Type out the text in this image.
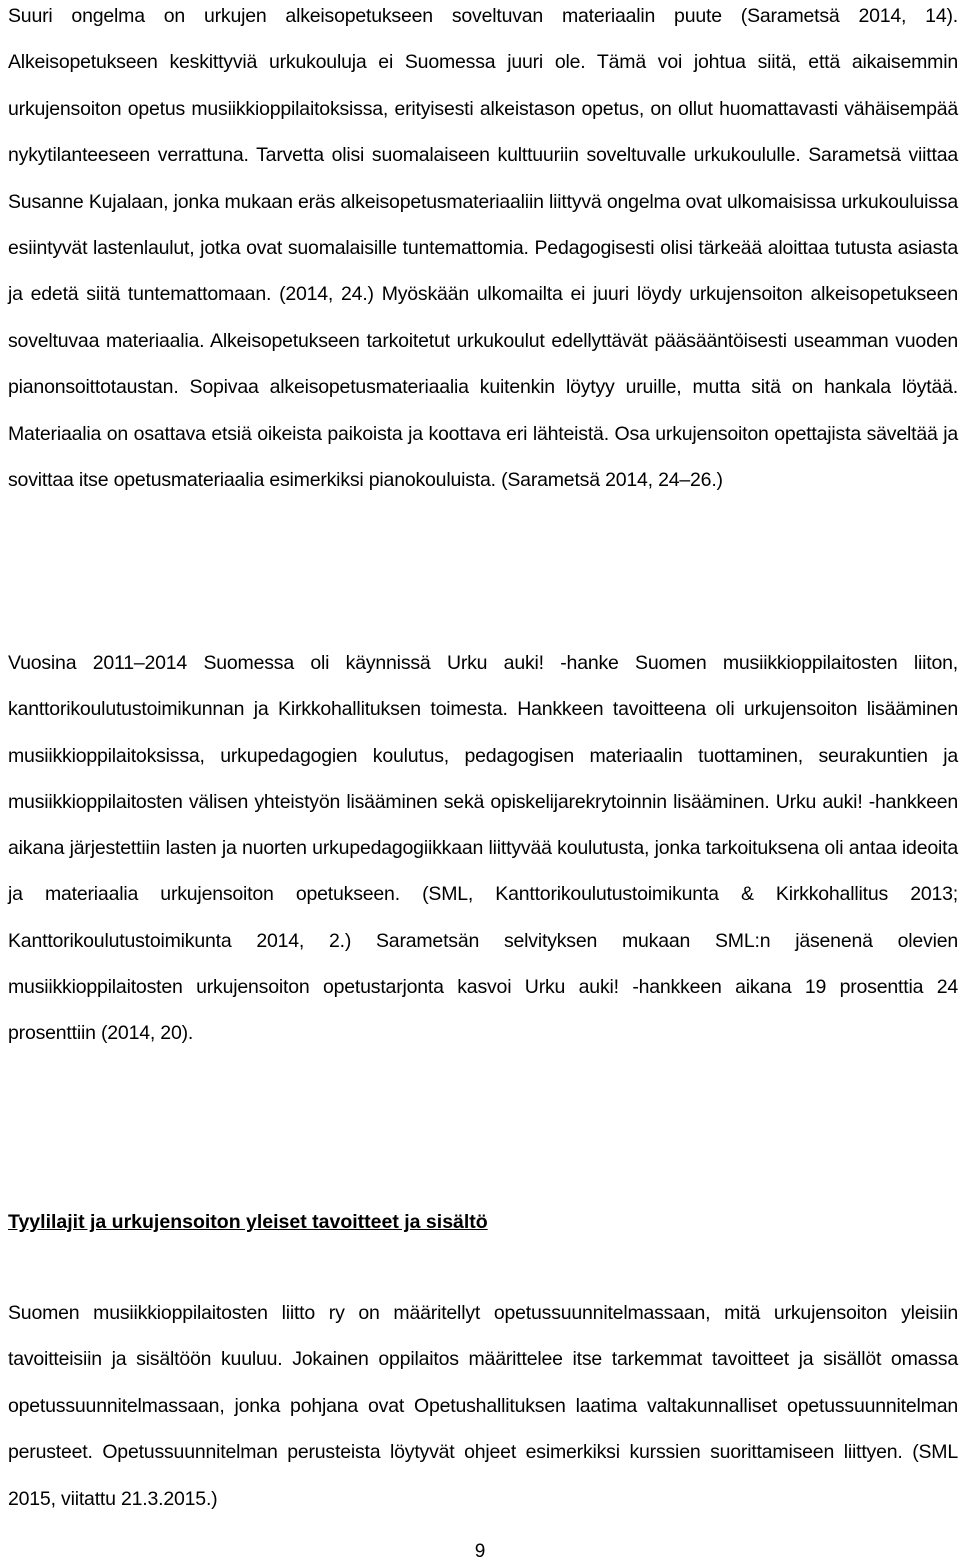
Suuri ongelma on urkujen alkeisopetukseen soveltuvan materiaalin puute (Sarametsä 2014, 14). Alkeisopetukseen keskittyviä urkukouluja ei Suomessa juuri ole. Tämä voi johtua siitä, että aikaisemmin urkujensoiton opetus musiikkioppilaitoksissa, erityisesti alkeistason opetus, on ollut huomattavasti vähäisempää nykytilanteeseen verrattuna. Tarvetta olisi suomalaiseen kulttuuriin soveltuvalle urkukoululle. Sarametsä viittaa Susanne Kujalaan, jonka mukaan eräs alkeisopetusmateriaaliin liittyvä ongelma ovat ulkomaisissa urkukouluissa esiintyvät lastenlaulut, jotka ovat suomalaisille tuntemattomia. Pedagogisesti olisi tärkeää aloittaa tutusta asiasta ja edetä siitä tuntemattomaan. (2014, 24.) Myöskään ulkomailta ei juuri löydy urkujensoiton alkeisopetukseen soveltuvaa materiaalia. Alkeisopetukseen tarkoitetut urkukoulut edellyttävät pääsääntöisesti useamman vuoden pianonsoittotaustan. Sopivaa alkeisopetusmateriaalia kuitenkin löytyy uruille, mutta sitä on hankala löytää. Materiaalia on osattava etsiä oikeista paikoista ja koottava eri lähteistä. Osa urkujensoiton opettajista säveltää ja sovittaa itse opetusmateriaalia esimerkiksi pianokouluista. (Sarametsä 2014, 24–26.)

Vuosina 2011–2014 Suomessa oli käynnissä Urku auki! -hanke Suomen musiikkioppilaitosten liiton, kanttorikoulutustoimikunnan ja Kirkkohallituksen toimesta. Hankkeen tavoitteena oli urkujensoiton lisääminen musiikkioppilaitoksissa, urkupedagogien koulutus, pedagogisen materiaalin tuottaminen, seurakuntien ja musiikkioppilaitosten välisen yhteistyön lisääminen sekä opiskelijarekrytoinnin lisääminen. Urku auki! -hankkeen aikana järjestettiin lasten ja nuorten urkupedagogiikkaan liittyvää koulutusta, jonka tarkoituksena oli antaa ideoita ja materiaalia urkujensoiton opetukseen. (SML, Kanttorikoulutustoimikunta & Kirkkohallitus 2013; Kanttorikoulutustoimikunta 2014, 2.) Sarametsän selvityksen mukaan SML:n jäsenenä olevien musiikkioppilaitosten urkujensoiton opetustarjonta kasvoi Urku auki! -hankkeen aikana 19 prosenttia 24 prosenttiin (2014, 20).

Tyylilajit ja urkujensoiton yleiset tavoitteet ja sisältö

Suomen musiikkioppilaitosten liitto ry on määritellyt opetussuunnitelmassaan, mitä urkujensoiton yleisiin tavoitteisiin ja sisältöön kuuluu. Jokainen oppilaitos määrittelee itse tarkemmat tavoitteet ja sisällöt omassa opetussuunnitelmassaan, jonka pohjana ovat Opetushallituksen laatima valtakunnalliset opetussuunnitelman perusteet. Opetussuunnitelman perusteista löytyvät ohjeet esimerkiksi kurssien suorittamiseen liittyen. (SML 2015, viitattu 21.3.2015.)

9
